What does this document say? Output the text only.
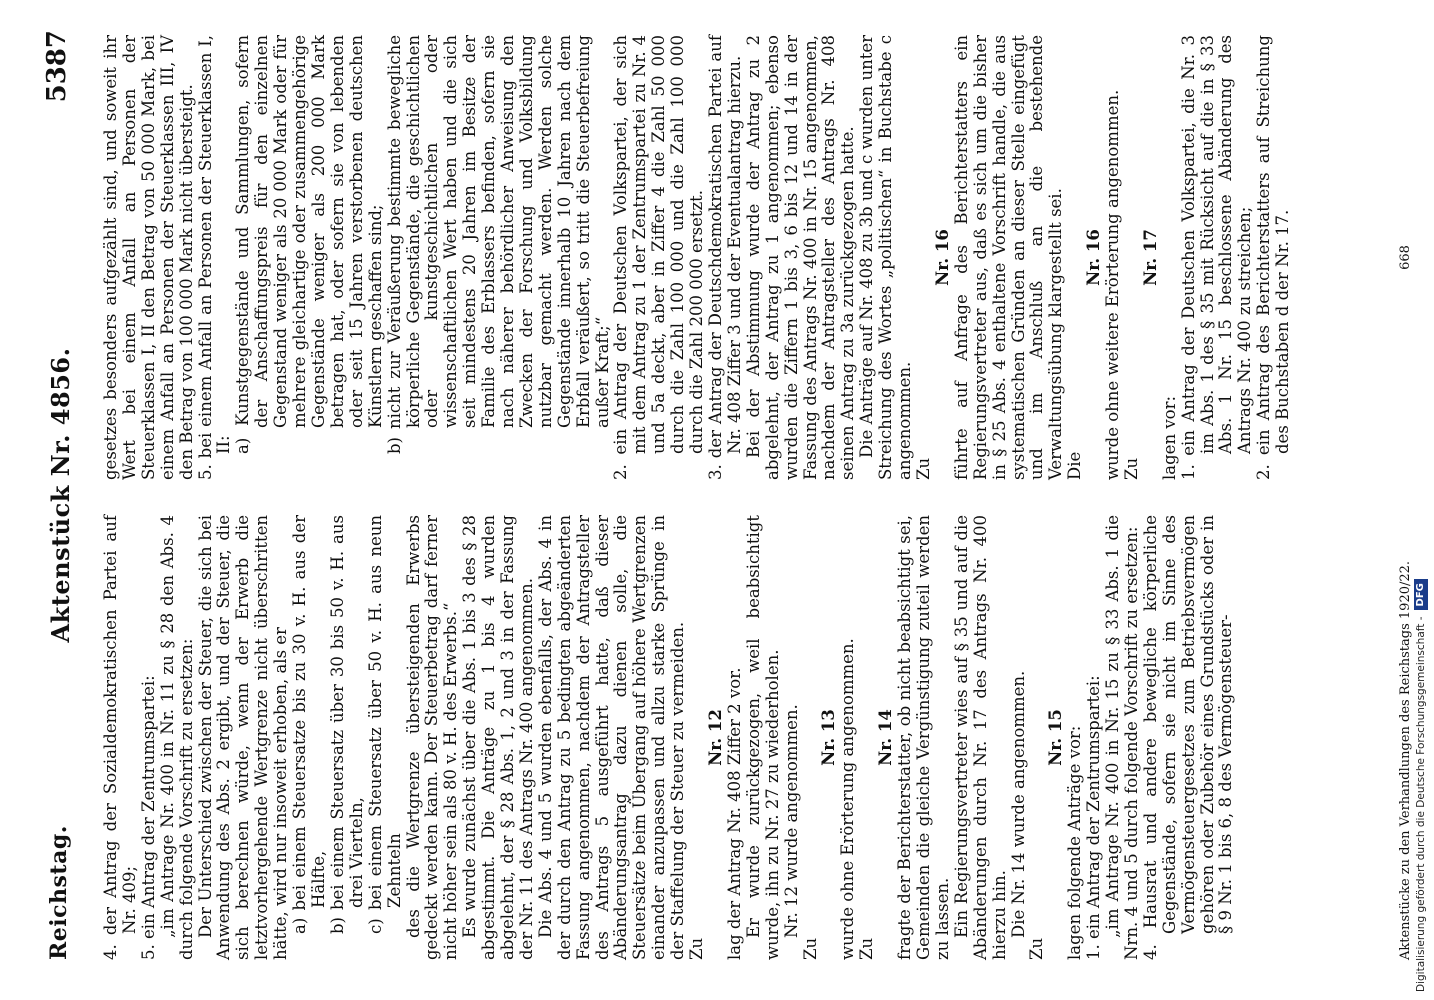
Reichstag.
Aktenstück Nr. 4856.
5387

4. der Antrag der Sozialdemokratischen Partei auf Nr. 409; 5. ein Antrag der Zentrumspartei: „im Antrage Nr. 400 in Nr. 11 zu § 28 den Abs. 4 durch folgende Vorschrift zu ersetzen: Der Unterschied zwischen der Steuer, die sich bei Anwendung des Abs. 2 ergibt, und der Steuer, die sich berechnen würde, wenn der Erwerb die letztvorhergehende Wertgrenze nicht überschritten hätte, wird nur insoweit erhoben, als er a) bei einem Steuersatze bis zu 30 v. H. aus der Hälfte, b) bei einem Steuersatz über 30 bis 50 v. H. aus drei Vierteln, c) bei einem Steuersatz über 50 v. H. aus neun Zehnteln des die Wertgrenze übersteigenden Erwerbs gedeckt werden kann. Der Steuerbetrag darf ferner nicht höher sein als 80 v. H. des Erwerbs.“ Es wurde zunächst über die Abs. 1 bis 3 des § 28 abgestimmt. Die Anträge zu 1 bis 4 wurden abgelehnt, der § 28 Abs. 1, 2 und 3 in der Fassung der Nr. 11 des Antrags Nr. 400 angenommen. Die Abs. 4 und 5 wurden ebenfalls, der Abs. 4 in der durch den Antrag zu 5 bedingten abgeänderten Fassung angenommen, nachdem der Antragsteller des Antrags 5 ausgeführt hatte, daß dieser Abänderungsantrag dazu dienen solle, die Steuersätze beim Übergang auf höhere Wertgrenzen einander anzupassen und allzu starke Sprünge in der Staffelung der Steuer zu vermeiden. Zu

Nr. 12 lag der Antrag Nr. 408 Ziffer 2 vor. Er wurde zurückgezogen, weil beabsichtigt wurde, ihn zu Nr. 27 zu wiederholen. Nr. 12 wurde angenommen.

Zu

Nr. 13 wurde ohne Erörterung angenommen. Zu

Nr. 14 fragte der Berichterstatter, ob nicht beabsichtigt sei, Gemeinden die gleiche Vergünstigung zuteil werden zu lassen. Ein Regierungsvertreter wies auf § 35 und auf die Abänderungen durch Nr. 17 des Antrags Nr. 400 hierzu hin. Die Nr. 14 wurde angenommen.

Zu

Nr. 15 lagen folgende Anträge vor: 1. ein Antrag der Zentrumspartei: „im Antrage Nr. 400 in Nr. 15 zu § 33 Abs. 1 die Nrn. 4 und 5 durch folgende Vorschrift zu ersetzen: 4. Hausrat und andere bewegliche körperliche Gegenstände, sofern sie nicht im Sinne des Vermögensteuergesetzes zum Betriebsvermögen gehören oder Zubehör eines Grundstücks oder in § 9 Nr. 1 bis 6, 8 des Vermögensteuer-

gesetzes besonders aufgezählt sind, und soweit ihr Wert bei einem Anfall an Personen der Steuerklassen I, II den Betrag von 50 000 Mark, bei einem Anfall an Personen der Steuerklassen III, IV den Betrag von 100 000 Mark nicht übersteigt. 5. bei einem Anfall an Personen der Steuerklassen I, II: a) Kunstgegenstände und Sammlungen, sofern der Anschaffungspreis für den einzelnen Gegenstand weniger als 20 000 Mark oder für mehrere gleichartige oder zusammengehörige Gegenstände weniger als 200 000 Mark betragen hat, oder sofern sie von lebenden oder seit 15 Jahren verstorbenen deutschen Künstlern geschaffen sind; b) nicht zur Veräußerung bestimmte bewegliche körperliche Gegenstände, die geschichtlichen oder kunstgeschichtlichen oder wissenschaftlichen Wert haben und die sich seit mindestens 20 Jahren im Besitze der Familie des Erblassers befinden, sofern sie nach näherer behördlicher Anweisung den Zwecken der Forschung und Volksbildung nutzbar gemacht werden. Werden solche Gegenstände innerhalb 10 Jahren nach dem Erbfall veräußert, so tritt die Steuerbefreiung außer Kraft;“ 2. ein Antrag der Deutschen Volkspartei, der sich mit dem Antrag zu 1 der Zentrumspartei zu Nr. 4 und 5a deckt, aber in Ziffer 4 die Zahl 50 000 durch die Zahl 100 000 und die Zahl 100 000 durch die Zahl 200 000 ersetzt. 3. der Antrag der Deutschdemokratischen Partei auf Nr. 408 Ziffer 3 und der Eventualantrag hierzu. Bei der Abstimmung wurde der Antrag zu 2 abgelehnt, der Antrag zu 1 angenommen; ebenso wurden die Ziffern 1 bis 3, 6 bis 12 und 14 in der Fassung des Antrags Nr. 400 in Nr. 15 angenommen, nachdem der Antragsteller des Antrags Nr. 408 seinen Antrag zu 3a zurückgezogen hatte. Die Anträge auf Nr. 408 zu 3b und c wurden unter Streichung des Wortes „politischen“ in Buchstabe c angenommen. Zu

Nr. 16 führte auf Anfrage des Berichterstatters ein Regierungsvertreter aus, daß es sich um die bisher in § 25 Abs. 4 enthaltene Vorschrift handle, die aus systematischen Gründen an dieser Stelle eingefügt und im Anschluß an die bestehende Verwaltungsübung klargestellt sei. Die

Nr. 16 wurde ohne weitere Erörterung angenommen. Zu

Nr. 17

lagen vor: 1. ein Antrag der Deutschen Volkspartei, die Nr. 3 im Abs. 1 des § 35 mit Rücksicht auf die in § 33 Abs. 1 Nr. 15 beschlossene Abänderung des Antrags Nr. 400 zu streichen; 2. ein Antrag des Berichterstatters auf Streichung des Buchstaben d der Nr. 17.

Aktenstücke zu den Verhandlungen des Reichstags 1920/22.
668
Digitalisierung gefördert durch die Deutsche Forschungsgemeinschaft -DFG
